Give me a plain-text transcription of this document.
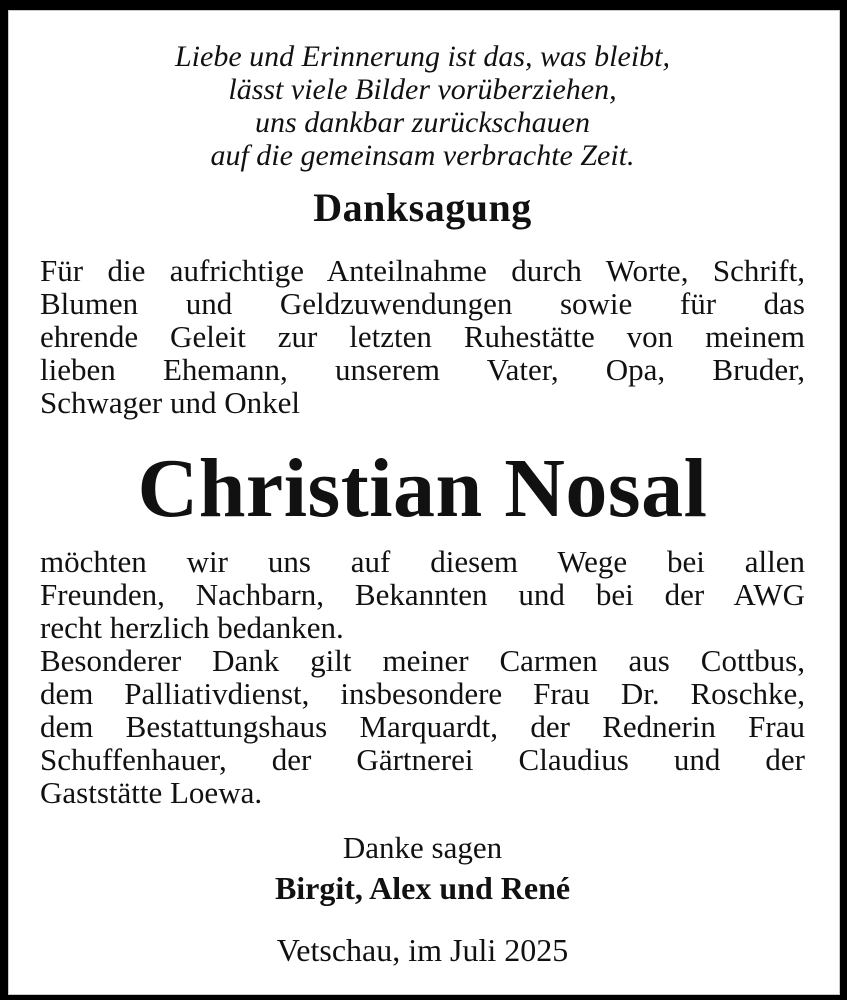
Liebe und Erinnerung ist das, was bleibt,
lässt viele Bilder vorüberziehen,
uns dankbar zurückschauen
auf die gemeinsam verbrachte Zeit.
Danksagung
Für die aufrichtige Anteilnahme durch Worte, Schrift,
Blumen und Geldzuwendungen sowie für das
ehrende Geleit zur letzten Ruhestätte von meinem
lieben Ehemann, unserem Vater, Opa, Bruder,
Schwager und Onkel
Christian Nosal
möchten wir uns auf diesem Wege bei allen
Freunden, Nachbarn, Bekannten und bei der AWG
recht herzlich bedanken.
Besonderer Dank gilt meiner Carmen aus Cottbus,
dem Palliativdienst, insbesondere Frau Dr. Roschke,
dem Bestattungshaus Marquardt, der Rednerin Frau
Schuffenhauer, der Gärtnerei Claudius und der
Gaststätte Loewa.
Danke sagen
Birgit, Alex und René
Vetschau, im Juli 2025
